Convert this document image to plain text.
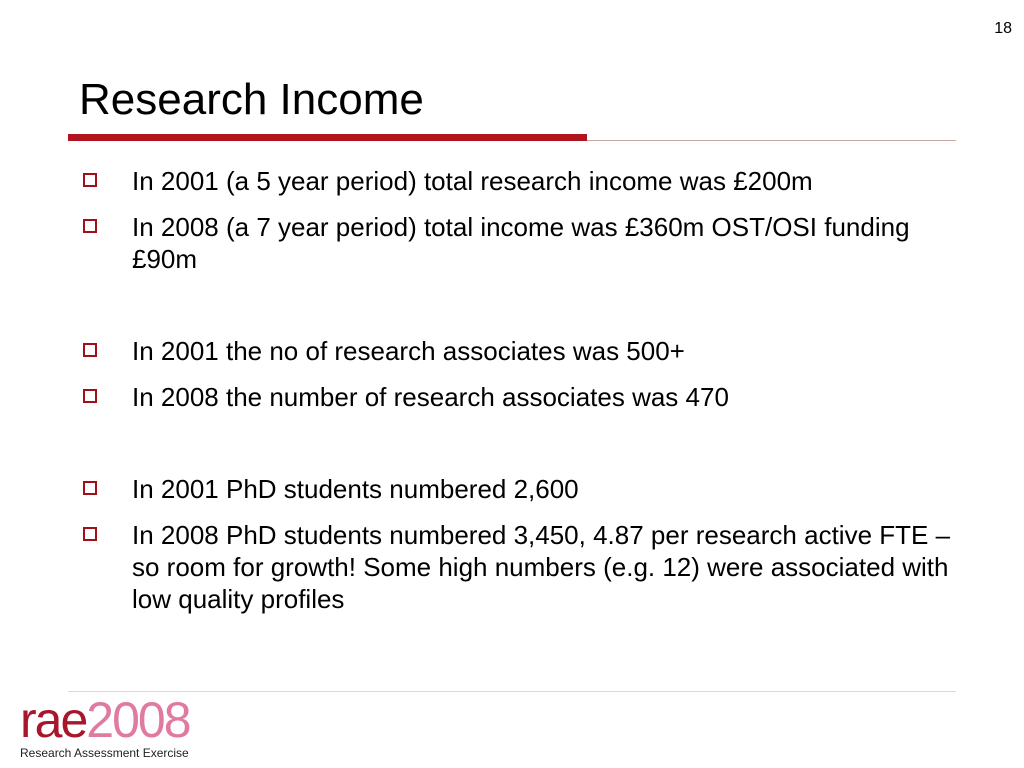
18
Research Income
In 2001 (a 5 year period) total research income was £200m
In 2008 (a 7 year period) total income was £360m OST/OSI funding £90m
In 2001 the no of research associates was 500+
In 2008 the number of research associates was 470
In 2001 PhD students numbered 2,600
In 2008 PhD students numbered 3,450, 4.87 per research active FTE – so room for growth! Some high numbers (e.g. 12) were associated with low quality profiles
rae2008
Research Assessment Exercise
